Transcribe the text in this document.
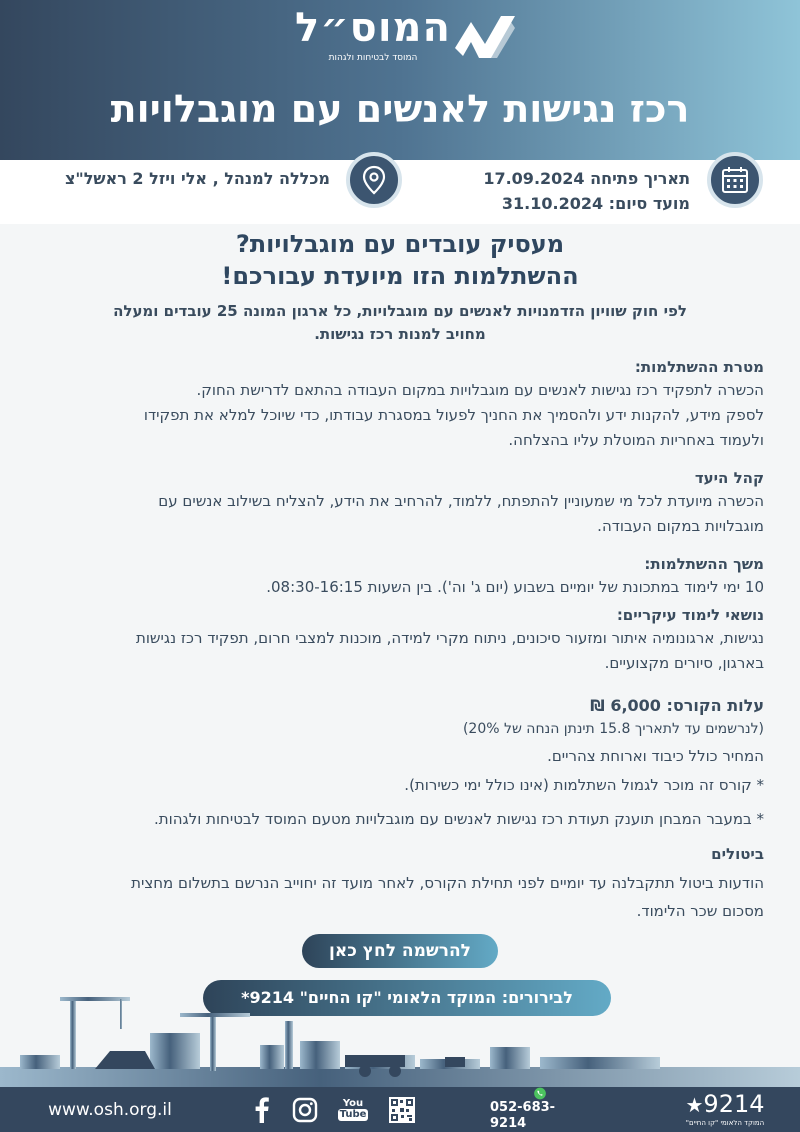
המוס״ל
המוסד לבטיחות ולגהות
רכז נגישות לאנשים עם מוגבלויות
תאריך פתיחה 17.09.2024
מועד סיום: 31.10.2024
מכללה למנהל , אלי ויזל 2 ראשל"צ
מעסיק עובדים עם מוגבלויות?
ההשתלמות הזו מיועדת עבורכם!
לפי חוק שוויון הזדמנויות לאנשים עם מוגבלויות, כל ארגון המונה 25 עובדים ומעלה
מחויב למנות רכז נגישות.
מטרת ההשתלמות:
הכשרה לתפקיד רכז נגישות לאנשים עם מוגבלויות במקום העבודה בהתאם לדרישת החוק.
לספק מידע, להקנות ידע ולהסמיך את החניך לפעול במסגרת עבודתו, כדי שיוכל למלא את תפקידו
ולעמוד באחריות המוטלת עליו בהצלחה.
קהל היעד
הכשרה מיועדת לכל מי שמעוניין להתפתח, ללמוד, להרחיב את הידע, להצליח בשילוב אנשים עם
מוגבלויות במקום העבודה.
משך ההשתלמות:
10 ימי לימוד במתכונת של יומיים בשבוע (יום ג' וה'). בין השעות 08:30-16:15.
נושאי לימוד עיקריים:
נגישות, ארגונומיה איתור ומזעור סיכונים, ניתוח מקרי למידה, מוכנות למצבי חרום, תפקיד רכז נגישות
בארגון, סיורים מקצועיים.
עלות הקורס: 6,000 ₪
(לנרשמים עד לתאריך 15.8 תינתן הנחה של 20%)
המחיר כולל כיבוד וארוחת צהריים.
* קורס זה מוכר לגמול השתלמות (אינו כולל ימי כשירות).
* במעבר המבחן תוענק תעודת רכז נגישות לאנשים עם מוגבלויות מטעם המוסד לבטיחות ולגהות.
ביטולים
הודעות ביטול תתקבלנה עד יומיים לפני תחילת הקורס, לאחר מועד זה יחוייב הנרשם בתשלום מחצית
מסכום שכר הלימוד.
להרשמה לחץ כאן
לבירורים: המוקד הלאומי "קו החיים" 9214*
www.osh.org.il	You
Tube	052-683-9214
★9214
המוקד הלאומי "קו החיים"
